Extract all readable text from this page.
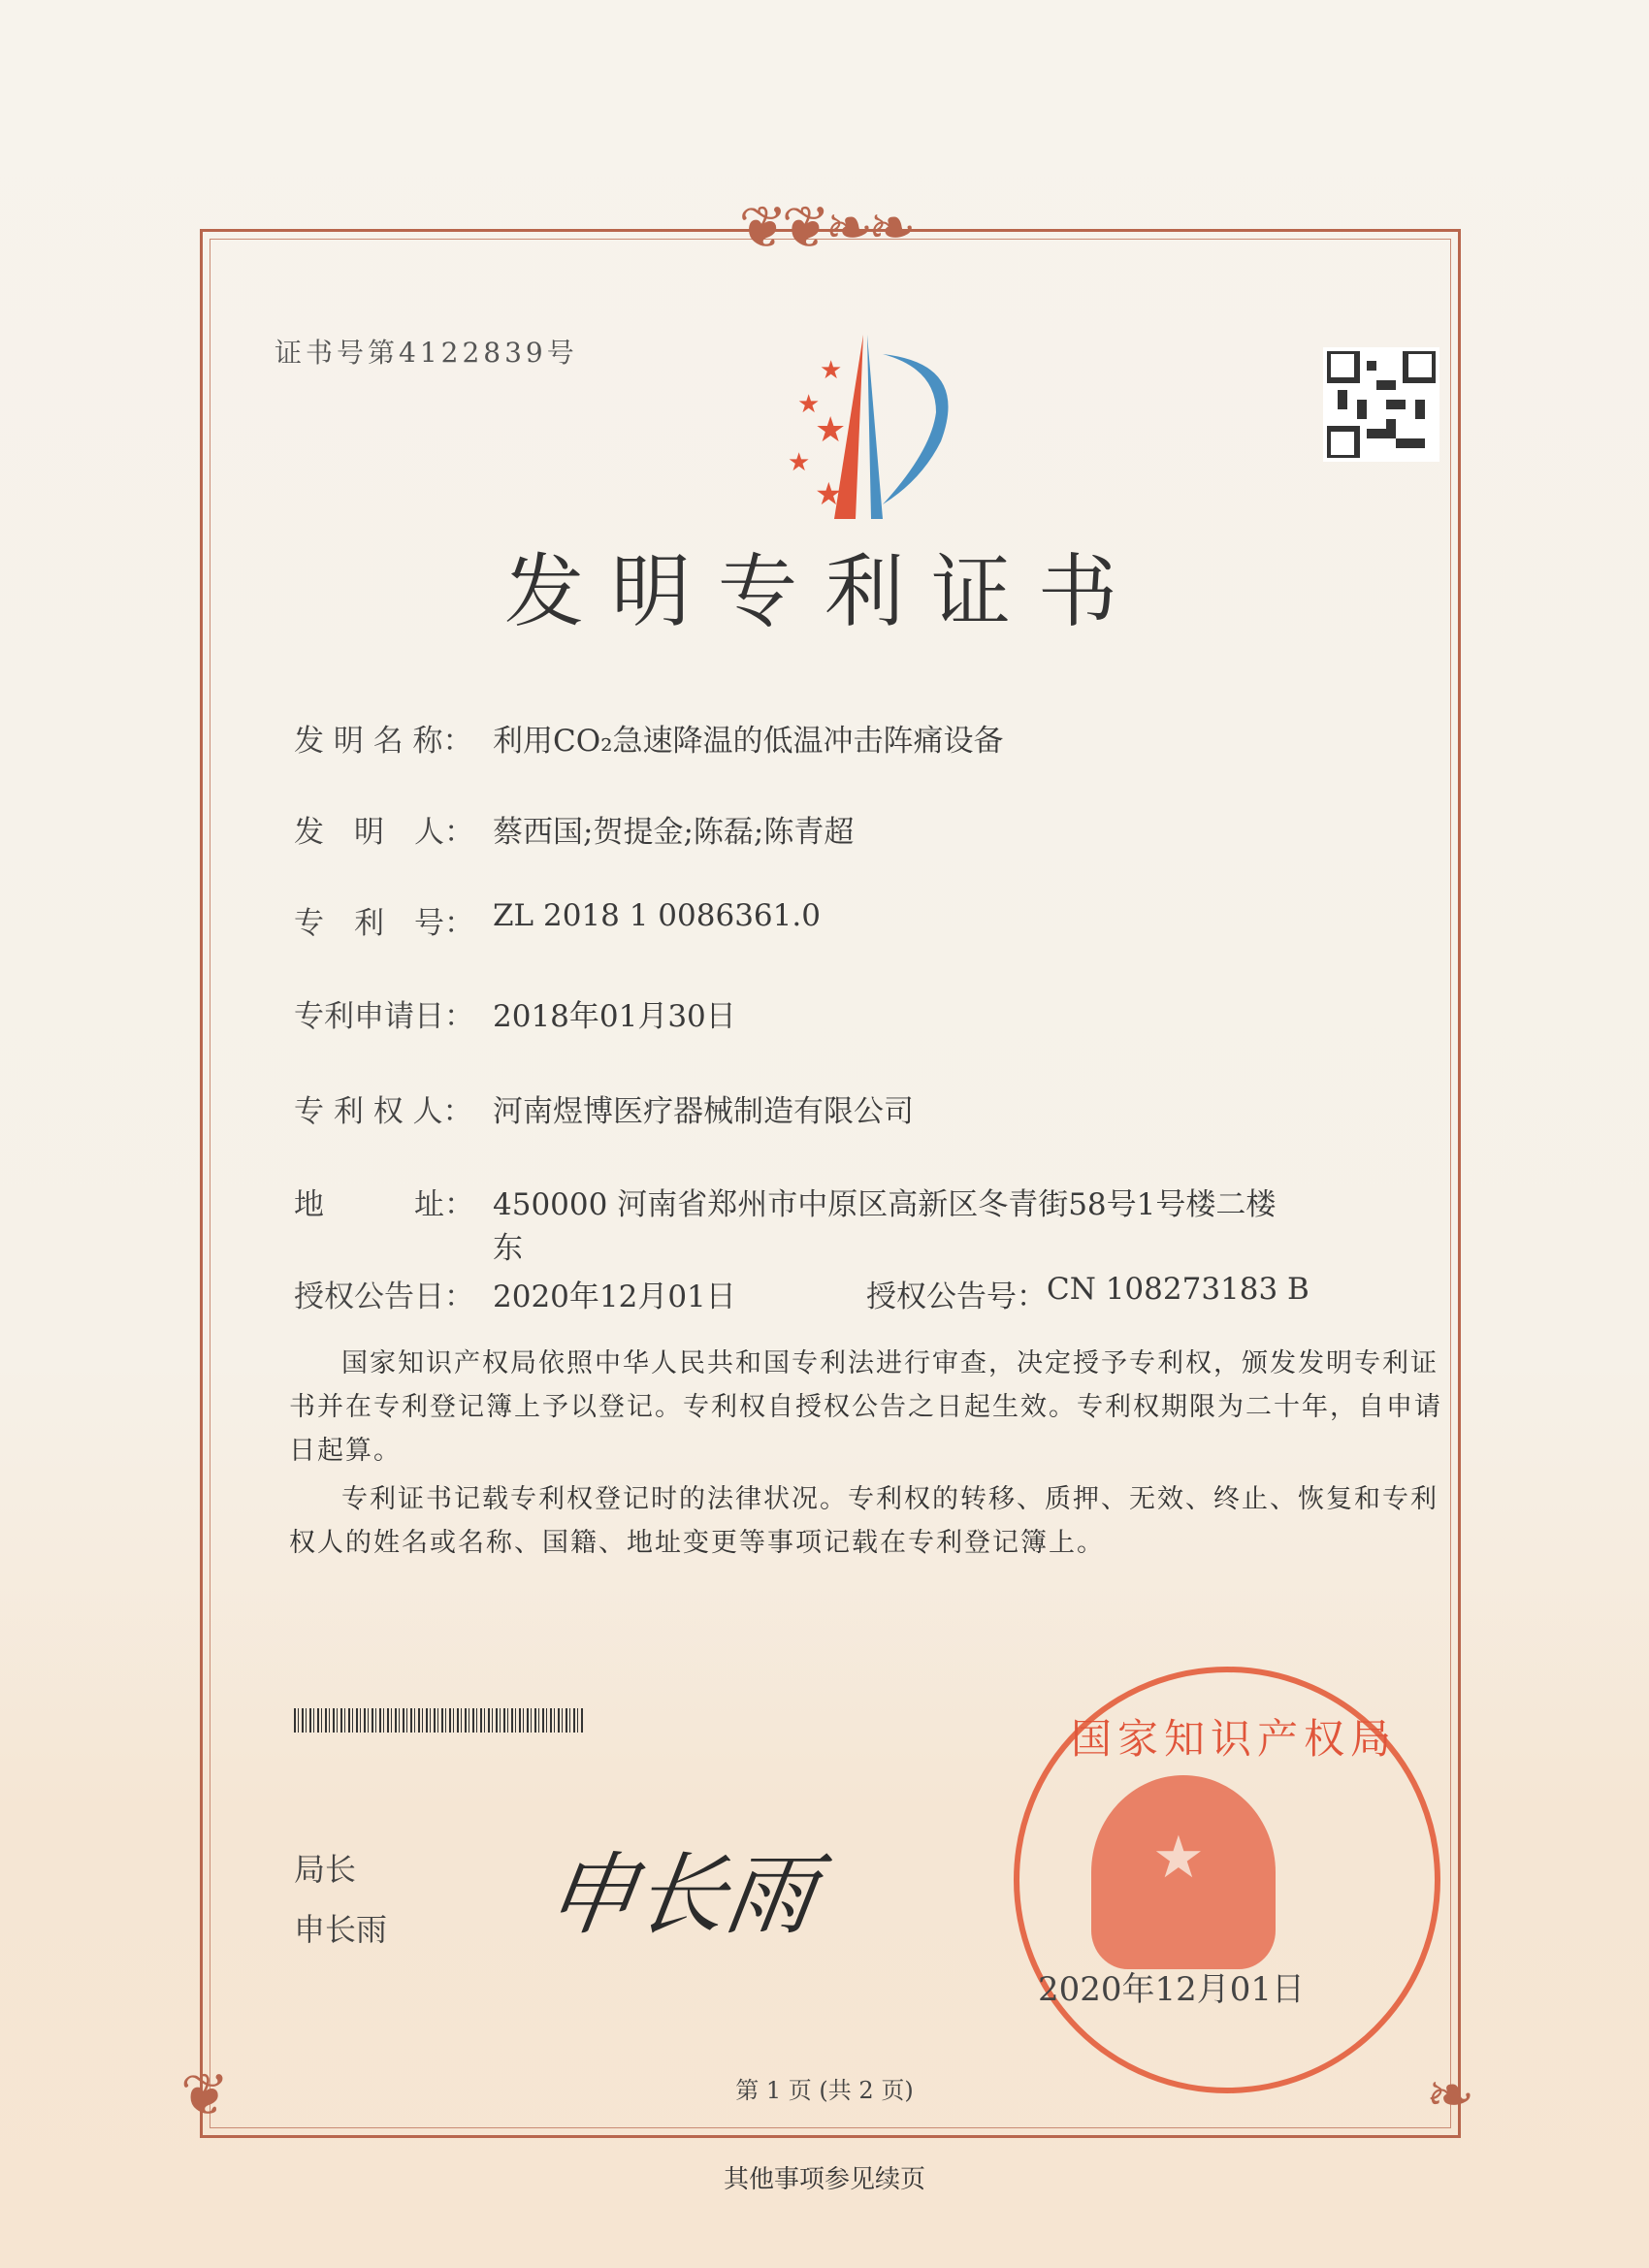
❦❦❧❧
❦	❧
证书号第4122839号
★
★
★
★
★
发明专利证书
发 明 名 称： 利用CO₂急速降温的低温冲击阵痛设备
发　明　人： 蔡西国;贺提金;陈磊;陈青超
专　利　号： ZL 2018 1 0086361.0
专利申请日： 2018年01月30日
专 利 权 人： 河南煜博医疗器械制造有限公司
地　　　址： 450000 河南省郑州市中原区高新区冬青街58号1号楼二楼
东
授权公告日： 2020年12月01日	授权公告号： CN 108273183 B

国家知识产权局依照中华人民共和国专利法进行审查，决定授予专利权，颁发发明专利证书并在专利登记簿上予以登记。专利权自授权公告之日起生效。专利权期限为二十年，自申请日起算。

专利证书记载专利权登记时的法律状况。专利权的转移、质押、无效、终止、恢复和专利权人的姓名或名称、国籍、地址变更等事项记载在专利登记簿上。

局长
申长雨 申长雨	★
国家知识产权局
2020年12月01日
第 1 页 (共 2 页)
其他事项参见续页
